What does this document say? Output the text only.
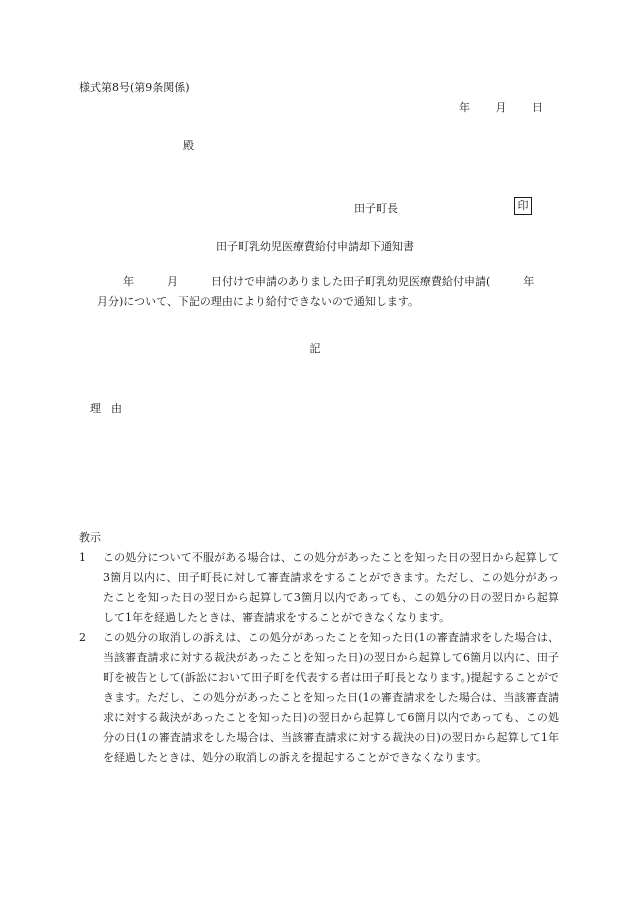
様式第8号(第9条関係)
年 月 日
殿
田子町長	印
田子町乳幼児医療費給付申請却下通知書
年　　　月　　　日付けで申請のありました田子町乳幼児医療費給付申請(　　　年
月分)について、下記の理由により給付できないので通知します。
記
理由
教示
1	この処分について不服がある場合は、この処分があったことを知った日の翌日から起算して3箇月以内に、田子町長に対して審査請求をすることができます。ただし、この処分があったことを知った日の翌日から起算して3箇月以内であっても、この処分の日の翌日から起算して1年を経過したときは、審査請求をすることができなくなります。
2	この処分の取消しの訴えは、この処分があったことを知った日(1の審査請求をした場合は、当該審査請求に対する裁決があったことを知った日)の翌日から起算して6箇月以内に、田子町を被告として(訴訟において田子町を代表する者は田子町長となります。)提起することができます。ただし、この処分があったことを知った日(1の審査請求をした場合は、当該審査請求に対する裁決があったことを知った日)の翌日から起算して6箇月以内であっても、この処分の日(1の審査請求をした場合は、当該審査請求に対する裁決の日)の翌日から起算して1年を経過したときは、処分の取消しの訴えを提起することができなくなります。
